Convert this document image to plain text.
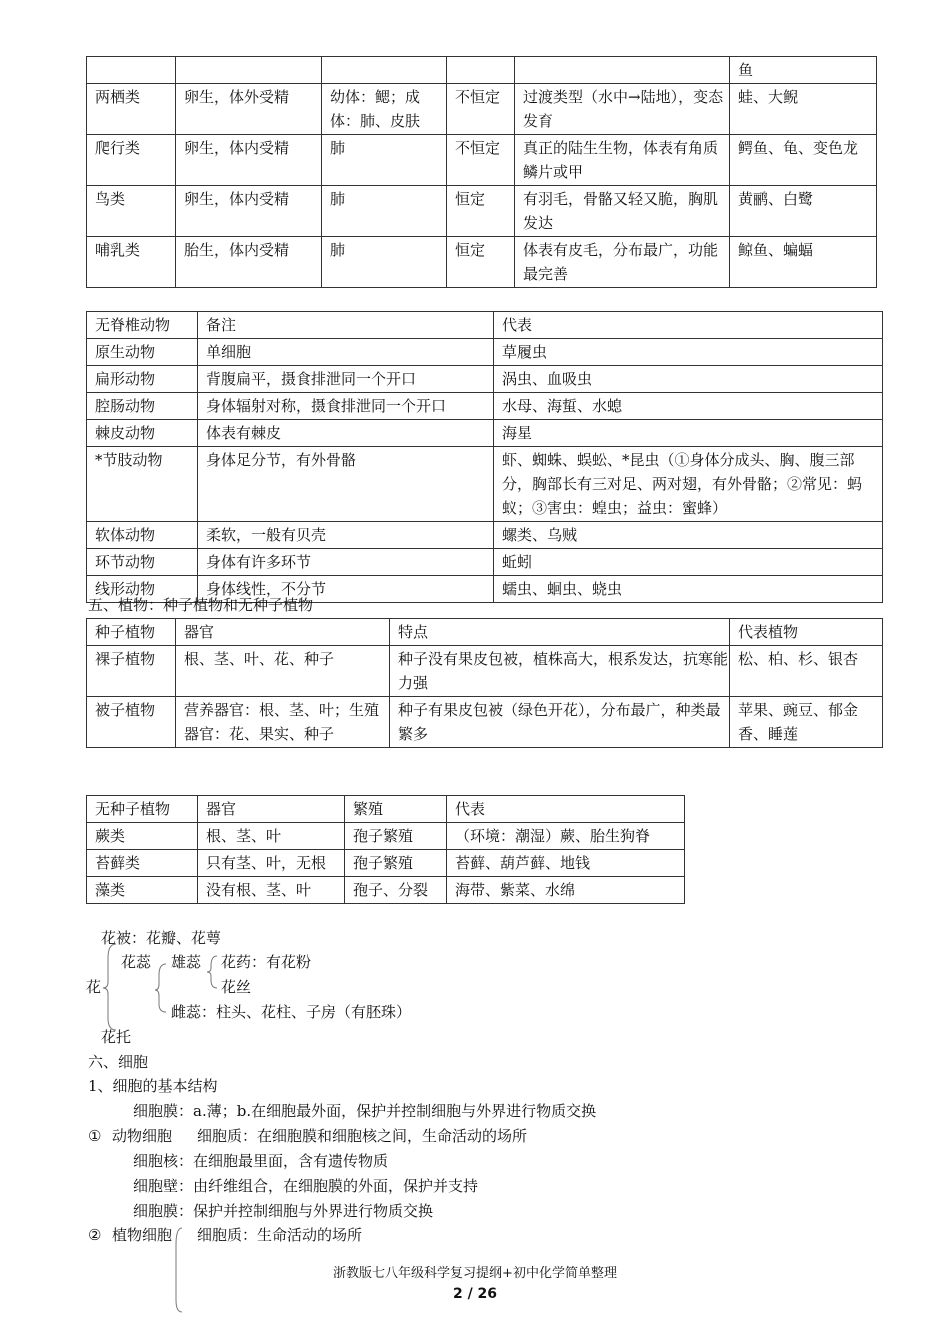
					鱼
两栖类	卵生，体外受精	幼体：鳃；成体：肺、皮肤	不恒定	过渡类型（水中→陆地），变态发育	蛙、大鲵
爬行类	卵生，体内受精	肺	不恒定	真正的陆生生物，体表有角质鳞片或甲	鳄鱼、龟、变色龙
鸟类	卵生，体内受精	肺	恒定	有羽毛，骨骼又轻又脆，胸肌发达	黄鹂、白鹭
哺乳类	胎生，体内受精	肺	恒定	体表有皮毛，分布最广，功能最完善	鲸鱼、蝙蝠
无脊椎动物	备注	代表
原生动物	单细胞	草履虫
扁形动物	背腹扁平，摄食排泄同一个开口	涡虫、血吸虫
腔肠动物	身体辐射对称，摄食排泄同一个开口	水母、海蜇、水螅
棘皮动物	体表有棘皮	海星
*节肢动物	身体足分节，有外骨骼	虾、蜘蛛、蜈蚣、*昆虫（①身体分成头、胸、腹三部分，胸部长有三对足、两对翅，有外骨骼；②常见：蚂蚁；③害虫：蝗虫；益虫：蜜蜂）
软体动物	柔软，一般有贝壳	螺类、乌贼
环节动物	身体有许多环节	蚯蚓
线形动物	身体线性，不分节	蠕虫、蛔虫、蛲虫
五、植物：种子植物和无种子植物
种子植物	器官	特点	代表植物
裸子植物	根、茎、叶、花、种子	种子没有果皮包被，植株高大，根系发达，抗寒能力强	松、柏、杉、银杏
被子植物	营养器官：根、茎、叶；生殖器官：花、果实、种子	种子有果皮包被（绿色开花），分布最广，种类最繁多	苹果、豌豆、郁金香、睡莲
无种子植物	器官	繁殖	代表
蕨类	根、茎、叶	孢子繁殖	（环境：潮湿）蕨、胎生狗脊
苔藓类	只有茎、叶，无根	孢子繁殖	苔藓、葫芦藓、地钱
藻类	没有根、茎、叶	孢子、分裂	海带、紫菜、水绵
花被：花瓣、花萼
花蕊 雄蕊 花药：有花粉
花丝
花
雌蕊：柱头、花柱、子房（有胚珠）
花托
六、细胞
1、细胞的基本结构
细胞膜：a.薄；b.在细胞最外面，保护并控制细胞与外界进行物质交换
① 动物细胞 细胞质：在细胞膜和细胞核之间，生命活动的场所
细胞核：在细胞最里面，含有遗传物质
细胞壁：由纤维组合，在细胞膜的外面，保护并支持
细胞膜：保护并控制细胞与外界进行物质交换
② 植物细胞 细胞质：生命活动的场所
浙教版七八年级科学复习提纲+初中化学简单整理
2 / 26
